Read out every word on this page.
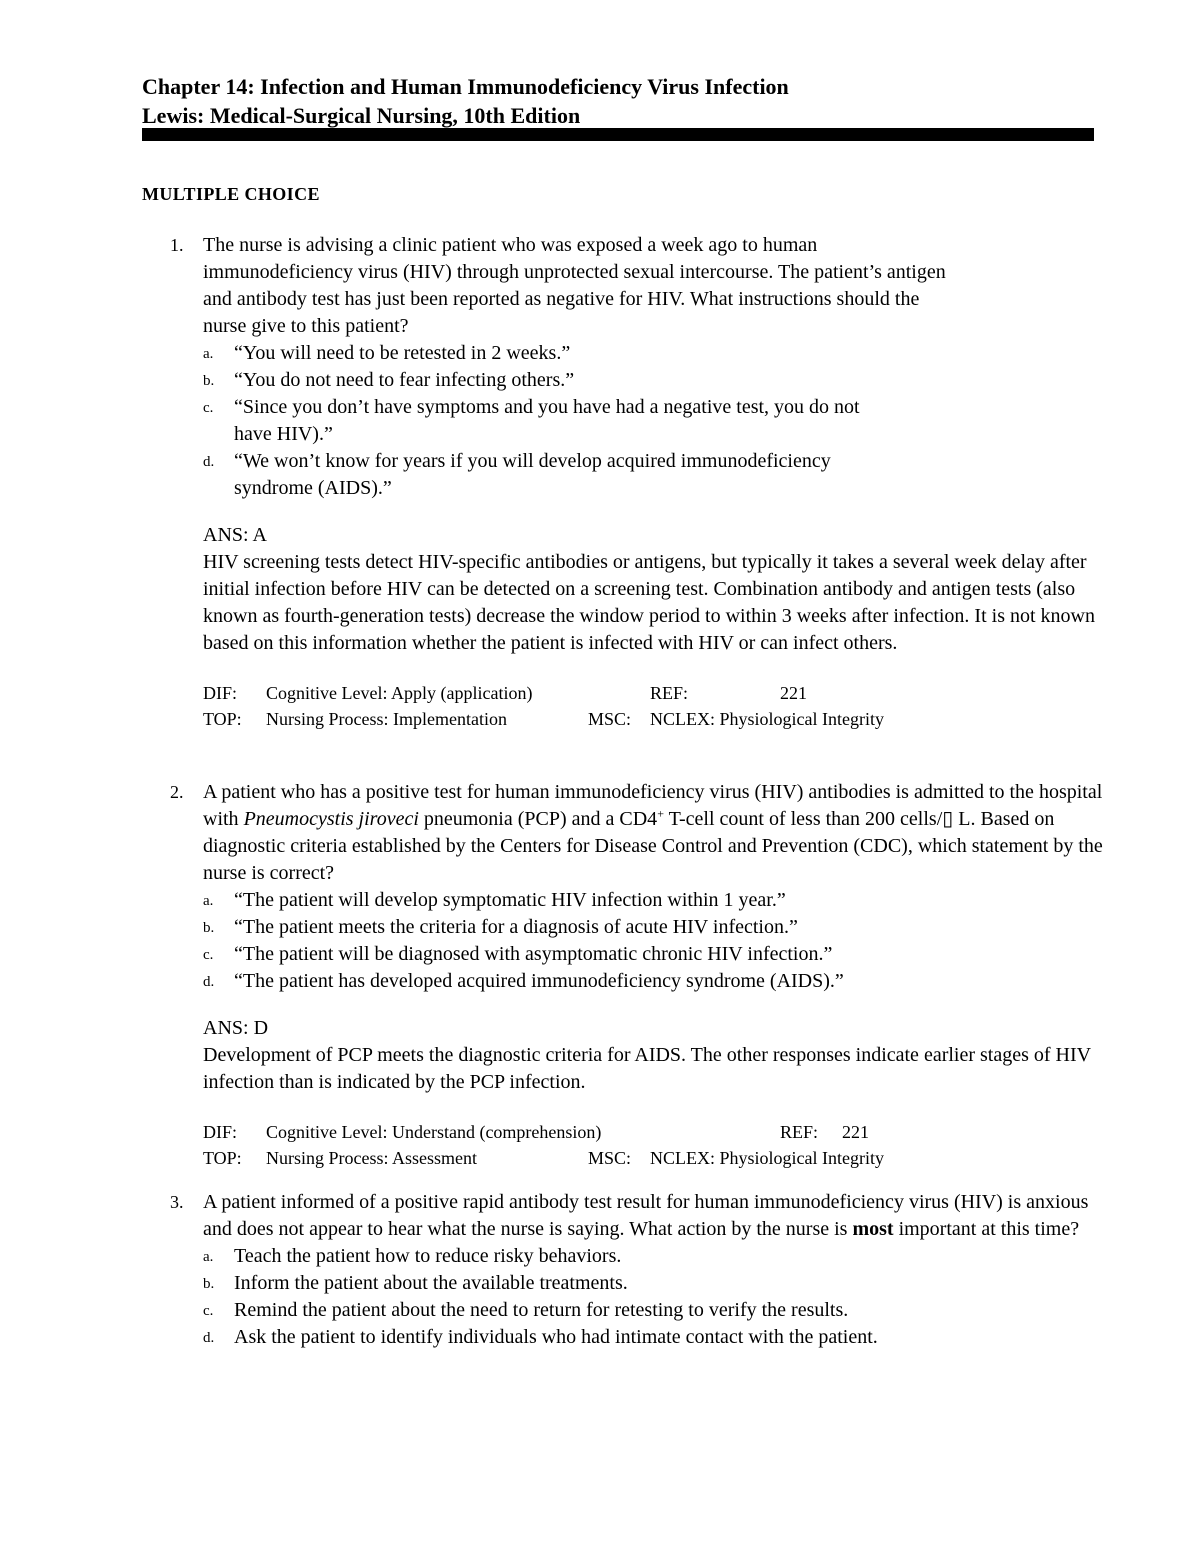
Chapter 14: Infection and Human Immunodeficiency Virus Infection
Lewis: Medical-Surgical Nursing, 10th Edition
MULTIPLE CHOICE
1. The nurse is advising a clinic patient who was exposed a week ago to human
immunodeficiency virus (HIV) through unprotected sexual intercourse. The patient’s antigen
and antibody test has just been reported as negative for HIV. What instructions should the
nurse give to this patient?
a. “You will need to be retested in 2 weeks.”
b. “You do not need to fear infecting others.”
c. “Since you don’t have symptoms and you have had a negative test, you do not
have HIV).”
d. “We won’t know for years if you will develop acquired immunodeficiency
syndrome (AIDS).”
ANS: A
HIV screening tests detect HIV-specific antibodies or antigens, but typically it takes a several week delay after initial infection before HIV can be detected on a screening test. Combination antibody and antigen tests (also known as fourth-generation tests) decrease the window period to within 3 weeks after infection. It is not known based on this information whether the patient is infected with HIV or can infect others.
DIF: Cognitive Level: Apply (application)	REF:	221
TOP: Nursing Process: Implementation	MSC: NCLEX: Physiological Integrity
2. A patient who has a positive test for human immunodeficiency virus (HIV) antibodies is admitted to the hospital with Pneumocystis jiroveci pneumonia (PCP) and a CD4+ T-cell count of less than 200 cells/▯ L. Based on diagnostic criteria established by the Centers for Disease Control and Prevention (CDC), which statement by the nurse is correct?
a. “The patient will develop symptomatic HIV infection within 1 year.”
b. “The patient meets the criteria for a diagnosis of acute HIV infection.”
c. “The patient will be diagnosed with asymptomatic chronic HIV infection.”
d. “The patient has developed acquired immunodeficiency syndrome (AIDS).”
ANS: D
Development of PCP meets the diagnostic criteria for AIDS. The other responses indicate earlier stages of HIV infection than is indicated by the PCP infection.
DIF: Cognitive Level: Understand (comprehension)	REF: 221
TOP: Nursing Process: Assessment	MSC: NCLEX: Physiological Integrity
3. A patient informed of a positive rapid antibody test result for human immunodeficiency virus (HIV) is anxious and does not appear to hear what the nurse is saying. What action by the nurse is most important at this time?
a. Teach the patient how to reduce risky behaviors.
b. Inform the patient about the available treatments.
c. Remind the patient about the need to return for retesting to verify the results.
d. Ask the patient to identify individuals who had intimate contact with the patient.
